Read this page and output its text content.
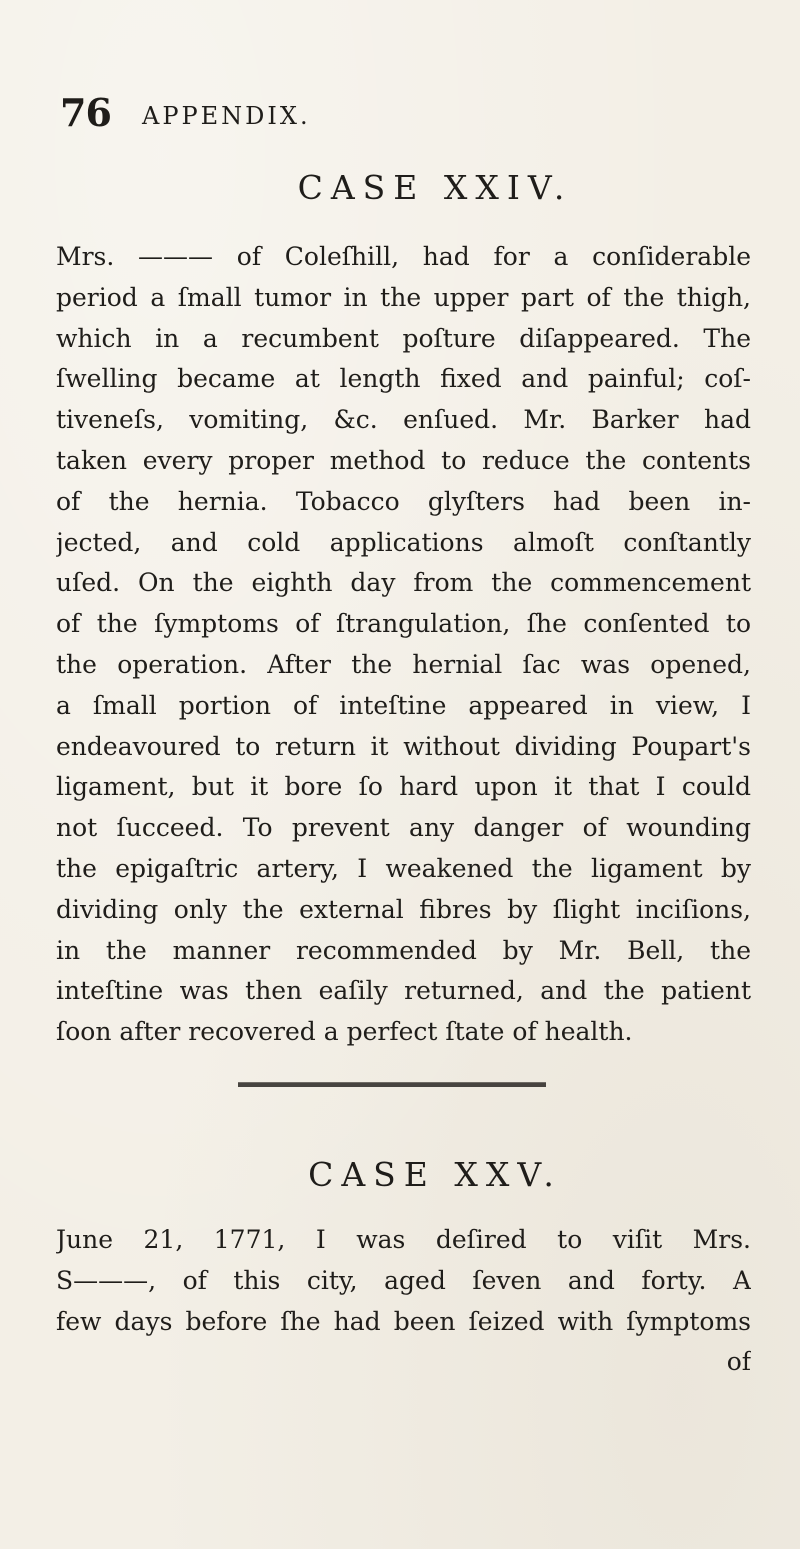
76 APPENDIX.
CASE XXIV.
Mrs. ——— of Coleſhill, had for a conſiderable
period a ſmall tumor in the upper part of the thigh,
which in a recumbent poſture diſappeared. The
ſwelling became at length fixed and painful; coſ-
tiveneſs, vomiting, &c. enſued. Mr. Barker had
taken every proper method to reduce the contents
of the hernia. Tobacco glyſters had been in-
jected, and cold applications almoſt conſtantly
uſed. On the eighth day from the commencement
of the ſymptoms of ſtrangulation, ſhe conſented to
the operation. After the hernial ſac was opened,
a ſmall portion of inteſtine appeared in view, I
endeavoured to return it without dividing Poupart's
ligament, but it bore ſo hard upon it that I could
not ſucceed. To prevent any danger of wounding
the epigaſtric artery, I weakened the ligament by
dividing only the external fibres by ſlight inciſions,
in the manner recommended by Mr. Bell, the
inteſtine was then eaſily returned, and the patient
ſoon after recovered a perfect ſtate of health.
CASE XXV.
June 21, 1771, I was deſired to viſit Mrs.
S———, of this city, aged ſeven and forty. A
few days before ſhe had been ſeized with ſymptoms
of
